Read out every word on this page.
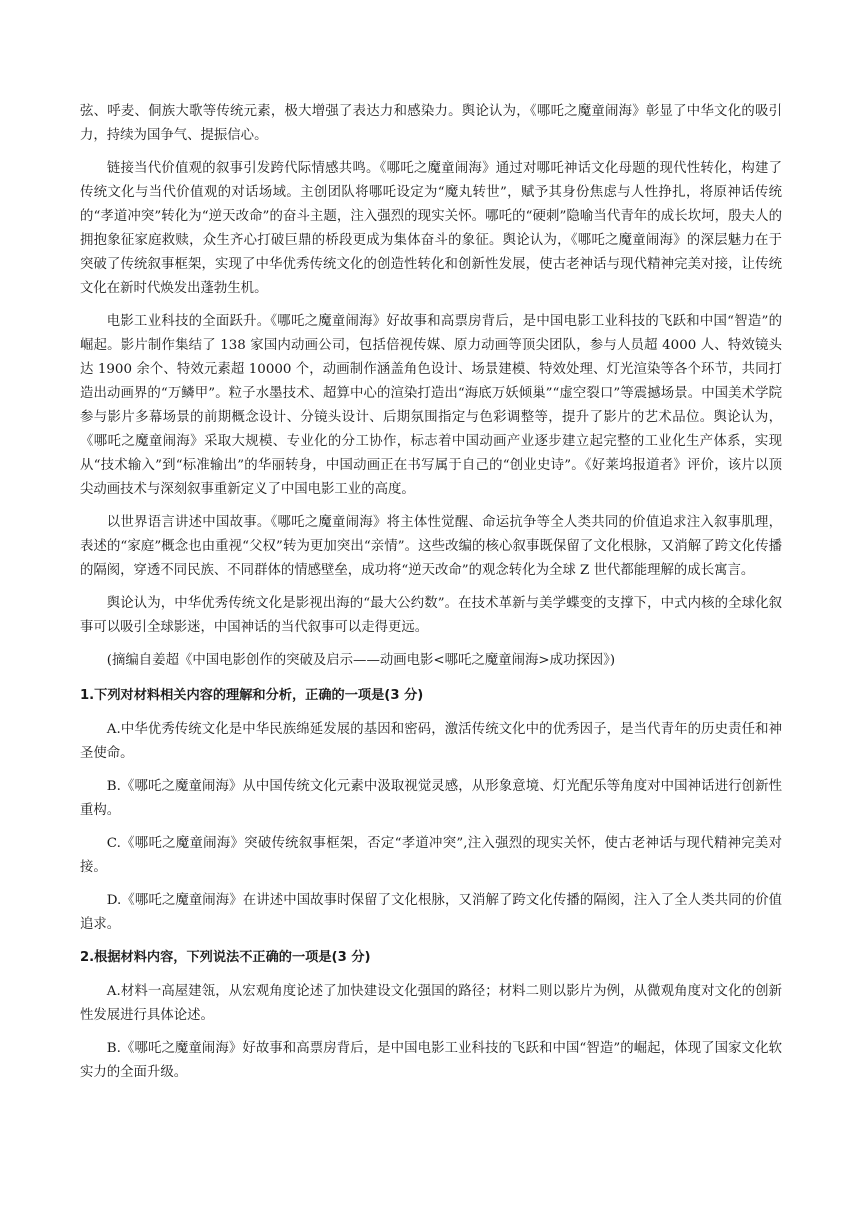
弦、呼麦、侗族大歌等传统元素，极大增强了表达力和感染力。舆论认为，《哪吒之魔童闹海》彰显了中华文化的吸引力，持续为国争气、提振信心。

链接当代价值观的叙事引发跨代际情感共鸣。《哪吒之魔童闹海》通过对哪吒神话文化母题的现代性转化，构建了传统文化与当代价值观的对话场域。主创团队将哪吒设定为“魔丸转世”，赋予其身份焦虑与人性挣扎，将原神话传统的“孝道冲突”转化为“逆天改命”的奋斗主题，注入强烈的现实关怀。哪吒的“硬刺”隐喻当代青年的成长坎坷，殷夫人的拥抱象征家庭救赎，众生齐心打破巨鼎的桥段更成为集体奋斗的象征。舆论认为，《哪吒之魔童闹海》的深层魅力在于突破了传统叙事框架，实现了中华优秀传统文化的创造性转化和创新性发展，使古老神话与现代精神完美对接，让传统文化在新时代焕发出蓬勃生机。

电影工业科技的全面跃升。《哪吒之魔童闹海》好故事和高票房背后，是中国电影工业科技的飞跃和中国“智造”的崛起。影片制作集结了 138 家国内动画公司，包括倍视传媒、原力动画等顶尖团队，参与人员超 4000 人、特效镜头达 1900 余个、特效元素超 10000 个，动画制作涵盖角色设计、场景建模、特效处理、灯光渲染等各个环节，共同打造出动画界的“万鳞甲”。粒子水墨技术、超算中心的渲染打造出“海底万妖倾巢”“虚空裂口”等震撼场景。中国美术学院参与影片多幕场景的前期概念设计、分镜头设计、后期氛围指定与色彩调整等，提升了影片的艺术品位。舆论认为，《哪吒之魔童闹海》采取大规模、专业化的分工协作，标志着中国动画产业逐步建立起完整的工业化生产体系，实现从“技术输入”到“标准输出”的华丽转身，中国动画正在书写属于自己的“创业史诗”。《好莱坞报道者》评价，该片以顶尖动画技术与深刻叙事重新定义了中国电影工业的高度。

以世界语言讲述中国故事。《哪吒之魔童闹海》将主体性觉醒、命运抗争等全人类共同的价值追求注入叙事肌理，表述的“家庭”概念也由重视“父权”转为更加突出“亲情”。这些改编的核心叙事既保留了文化根脉，又消解了跨文化传播的隔阂，穿透不同民族、不同群体的情感壁垒，成功将“逆天改命”的观念转化为全球 Z 世代都能理解的成长寓言。

舆论认为，中华优秀传统文化是影视出海的“最大公约数”。在技术革新与美学蝶变的支撑下，中式内核的全球化叙事可以吸引全球影迷，中国神话的当代叙事可以走得更远。

(摘编自姜超《中国电影创作的突破及启示——动画电影<哪吒之魔童闹海>成功探因》)

1.下列对材料相关内容的理解和分析，正确的一项是(3 分)

A.中华优秀传统文化是中华民族绵延发展的基因和密码，激活传统文化中的优秀因子，是当代青年的历史责任和神圣使命。

B.《哪吒之魔童闹海》从中国传统文化元素中汲取视觉灵感，从形象意境、灯光配乐等角度对中国神话进行创新性重构。

C.《哪吒之魔童闹海》突破传统叙事框架，否定“孝道冲突”,注入强烈的现实关怀，使古老神话与现代精神完美对接。

D.《哪吒之魔童闹海》在讲述中国故事时保留了文化根脉，又消解了跨文化传播的隔阂，注入了全人类共同的价值追求。

2.根据材料内容，下列说法不正确的一项是(3 分)

A.材料一高屋建瓴，从宏观角度论述了加快建设文化强国的路径；材料二则以影片为例，从微观角度对文化的创新性发展进行具体论述。

B.《哪吒之魔童闹海》好故事和高票房背后，是中国电影工业科技的飞跃和中国“智造”的崛起，体现了国家文化软实力的全面升级。
